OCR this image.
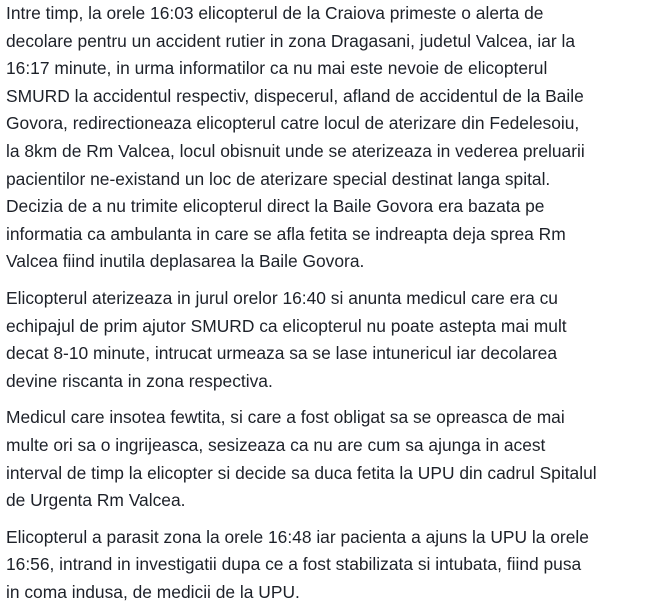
Intre timp, la orele 16:03 elicopterul de la Craiova primeste o alerta de
decolare pentru un accident rutier in zona Dragasani, judetul Valcea, iar la
16:17 minute, in urma informatilor ca nu mai este nevoie de elicopterul
SMURD la accidentul respectiv, dispecerul, afland de accidentul de la Baile
Govora, redirectioneaza elicopterul catre locul de aterizare din Fedelesoiu,
la 8km de Rm Valcea, locul obisnuit unde se aterizeaza in vederea preluarii
pacientilor ne-existand un loc de aterizare special destinat langa spital.
Decizia de a nu trimite elicopterul direct la Baile Govora era bazata pe
informatia ca ambulanta in care se afla fetita se indreapta deja sprea Rm
Valcea fiind inutila deplasarea la Baile Govora.

Elicopterul aterizeaza in jurul orelor 16:40 si anunta medicul care era cu
echipajul de prim ajutor SMURD ca elicopterul nu poate astepta mai mult
decat 8-10 minute, intrucat urmeaza sa se lase intunericul iar decolarea
devine riscanta in zona respectiva.

Medicul care insotea fewtita, si care a fost obligat sa se opreasca de mai
multe ori sa o ingrijeasca, sesizeaza ca nu are cum sa ajunga in acest
interval de timp la elicopter si decide sa duca fetita la UPU din cadrul Spitalul
de Urgenta Rm Valcea.

Elicopterul a parasit zona la orele 16:48 iar pacienta a ajuns la UPU la orele
16:56, intrand in investigatii dupa ce a fost stabilizata si intubata, fiind pusa
in coma indusa, de medicii de la UPU.
